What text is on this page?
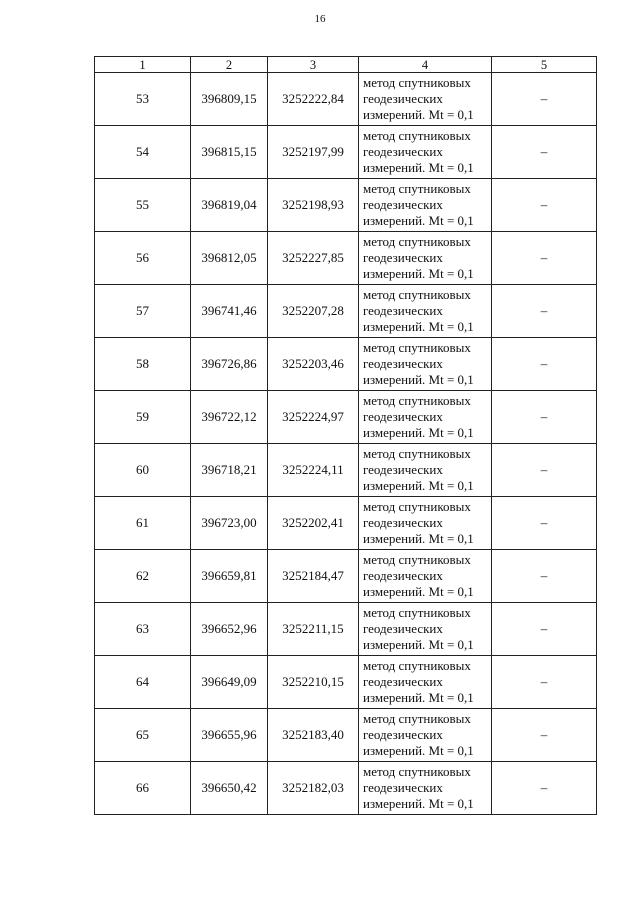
16
1	2	3	4	5
53	396809,15	3252222,84	метод спутниковых
геодезических
измерений. Mt = 0,1	–
54	396815,15	3252197,99	метод спутниковых
геодезических
измерений. Mt = 0,1	–
55	396819,04	3252198,93	метод спутниковых
геодезических
измерений. Mt = 0,1	–
56	396812,05	3252227,85	метод спутниковых
геодезических
измерений. Mt = 0,1	–
57	396741,46	3252207,28	метод спутниковых
геодезических
измерений. Mt = 0,1	–
58	396726,86	3252203,46	метод спутниковых
геодезических
измерений. Mt = 0,1	–
59	396722,12	3252224,97	метод спутниковых
геодезических
измерений. Mt = 0,1	–
60	396718,21	3252224,11	метод спутниковых
геодезических
измерений. Mt = 0,1	–
61	396723,00	3252202,41	метод спутниковых
геодезических
измерений. Mt = 0,1	–
62	396659,81	3252184,47	метод спутниковых
геодезических
измерений. Mt = 0,1	–
63	396652,96	3252211,15	метод спутниковых
геодезических
измерений. Mt = 0,1	–
64	396649,09	3252210,15	метод спутниковых
геодезических
измерений. Mt = 0,1	–
65	396655,96	3252183,40	метод спутниковых
геодезических
измерений. Mt = 0,1	–
66	396650,42	3252182,03	метод спутниковых
геодезических
измерений. Mt = 0,1	–
